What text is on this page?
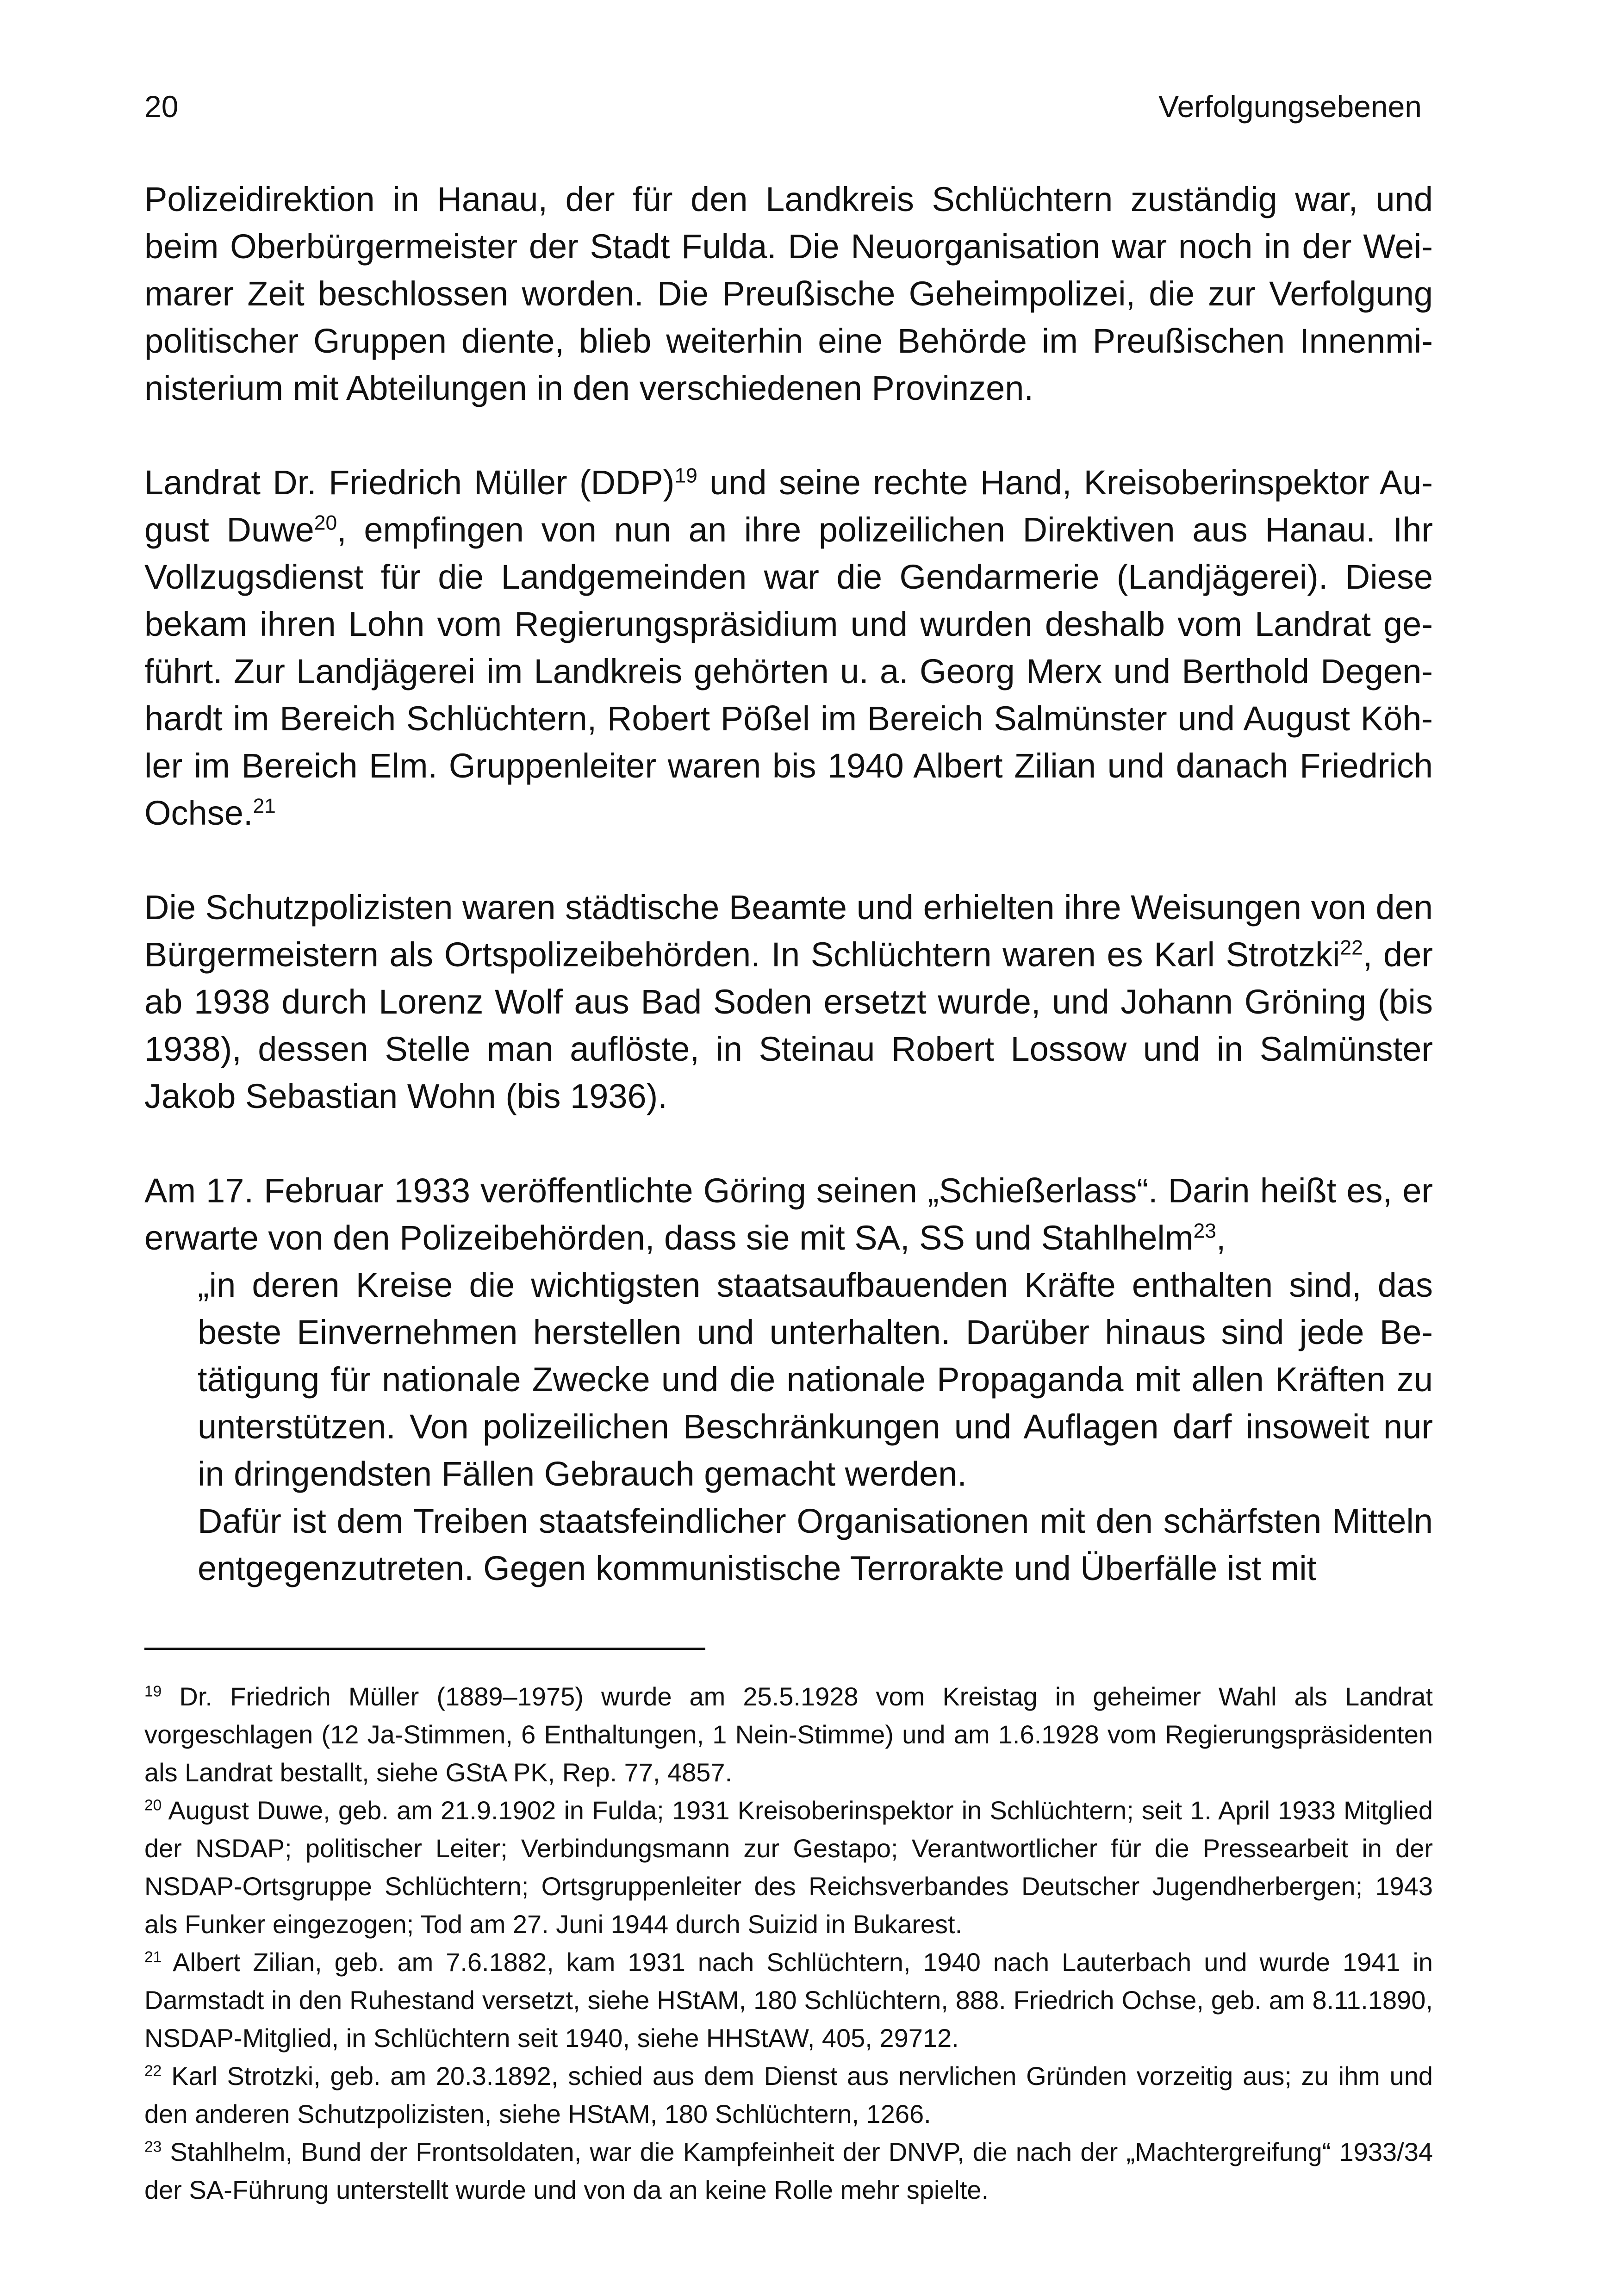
20	Verfolgungsebenen

Polizeidirektion in Hanau, der für den Landkreis Schlüchtern zuständig war, und beim Oberbürgermeister der Stadt Fulda. Die Neuorganisation war noch in der Weimarer Zeit beschlossen worden. Die Preußische Geheimpolizei, die zur Verfolgung politischer Gruppen diente, blieb weiterhin eine Behörde im Preußischen Innenministerium mit Abteilungen in den verschiedenen Provinzen.

Landrat Dr. Friedrich Müller (DDP)$^{19}$ und seine rechte Hand, Kreisoberinspektor August Duwe$^{20}$, empfingen von nun an ihre polizeilichen Direktiven aus Hanau. Ihr Vollzugsdienst für die Landgemeinden war die Gendarmerie (Landjägerei). Diese bekam ihren Lohn vom Regierungspräsidium und wurden deshalb vom Landrat geführt. Zur Landjägerei im Landkreis gehörten u. a. Georg Merx und Berthold Degenhardt im Bereich Schlüchtern, Robert Pößel im Bereich Salmünster und August Köhler im Bereich Elm. Gruppenleiter waren bis 1940 Albert Zilian und danach Friedrich Ochse.$^{21}$

Die Schutzpolizisten waren städtische Beamte und erhielten ihre Weisungen von den Bürgermeistern als Ortspolizeibehörden. In Schlüchtern waren es Karl Strotzki$^{22}$, der ab 1938 durch Lorenz Wolf aus Bad Soden ersetzt wurde, und Johann Gröning (bis 1938), dessen Stelle man auflöste, in Steinau Robert Lossow und in Salmünster Jakob Sebastian Wohn (bis 1936).

Am 17. Februar 1933 veröffentlichte Göring seinen „Schießerlass“. Darin heißt es, er erwarte von den Polizeibehörden, dass sie mit SA, SS und Stahlhelm$^{23}$,

„in deren Kreise die wichtigsten staatsaufbauenden Kräfte enthalten sind, das beste Einvernehmen herstellen und unterhalten. Darüber hinaus sind jede Betätigung für nationale Zwecke und die nationale Propaganda mit allen Kräften zu unterstützen. Von polizeilichen Beschränkungen und Auflagen darf insoweit nur in dringendsten Fällen Gebrauch gemacht werden.

Dafür ist dem Treiben staatsfeindlicher Organisationen mit den schärfsten Mitteln entgegenzutreten. Gegen kommunistische Terrorakte und Überfälle ist mit

$^{19}$ Dr. Friedrich Müller (1889–1975) wurde am 25.5.1928 vom Kreistag in geheimer Wahl als Landrat vorgeschlagen (12 Ja-Stimmen, 6 Enthaltungen, 1 Nein-Stimme) und am 1.6.1928 vom Regierungspräsidenten als Landrat bestallt, siehe GStA PK, Rep. 77, 4857.

$^{20}$ August Duwe, geb. am 21.9.1902 in Fulda; 1931 Kreisoberinspektor in Schlüchtern; seit 1. April 1933 Mitglied der NSDAP; politischer Leiter; Verbindungsmann zur Gestapo; Verantwortlicher für die Pressearbeit in der NSDAP-Ortsgruppe Schlüchtern; Ortsgruppenleiter des Reichsverbandes Deutscher Jugendherbergen; 1943 als Funker eingezogen; Tod am 27. Juni 1944 durch Suizid in Bukarest.

$^{21}$ Albert Zilian, geb. am 7.6.1882, kam 1931 nach Schlüchtern, 1940 nach Lauterbach und wurde 1941 in Darmstadt in den Ruhestand versetzt, siehe HStAM, 180 Schlüchtern, 888. Friedrich Ochse, geb. am 8.11.1890, NSDAP-Mitglied, in Schlüchtern seit 1940, siehe HHStAW, 405, 29712.

$^{22}$ Karl Strotzki, geb. am 20.3.1892, schied aus dem Dienst aus nervlichen Gründen vorzeitig aus; zu ihm und den anderen Schutzpolizisten, siehe HStAM, 180 Schlüchtern, 1266.

$^{23}$ Stahlhelm, Bund der Frontsoldaten, war die Kampfeinheit der DNVP, die nach der „Machtergreifung“ 1933/34 der SA-Führung unterstellt wurde und von da an keine Rolle mehr spielte.
